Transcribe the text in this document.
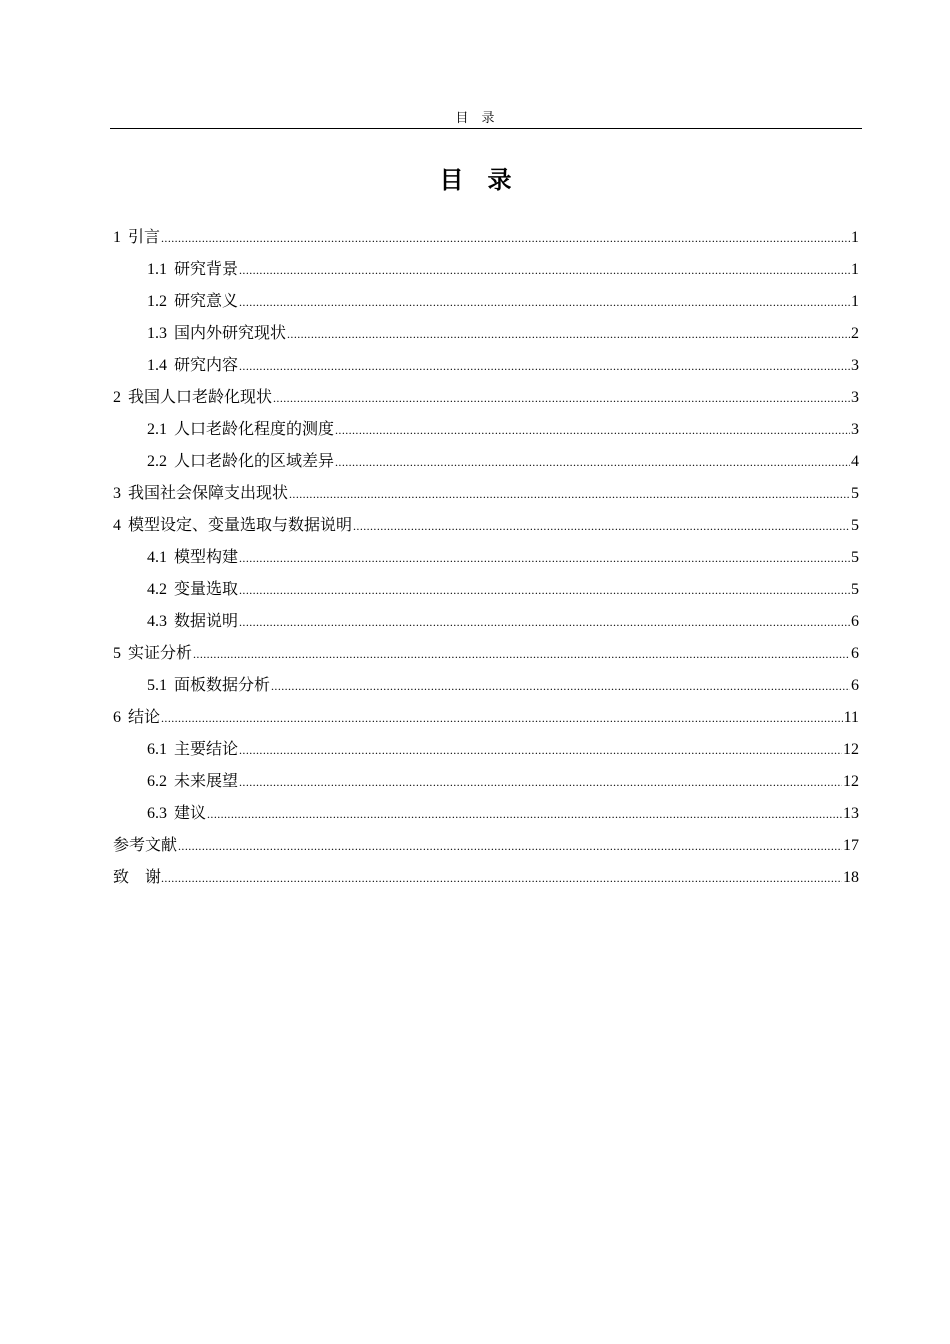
目录
目录
1 引言 .....	1
1.1 研究背景 .....	1
1.2 研究意义 .....	1
1.3 国内外研究现状 .....	2
1.4 研究内容 .....	3
2 我国人口老龄化现状 .....	3
2.1 人口老龄化程度的测度 .....	3
2.2 人口老龄化的区域差异 .....	4
3 我国社会保障支出现状 .....	5
4 模型设定、变量选取与数据说明 .....	5
4.1 模型构建 .....	5
4.2 变量选取 .....	5
4.3 数据说明 .....	6
5 实证分析 .....	6
5.1 面板数据分析 .....	6
6 结论 .....	11
6.1 主要结论 .....	12
6.2 未来展望 .....	12
6.3 建议 .....	13
参考文献 .....	17
致谢 .....	18
